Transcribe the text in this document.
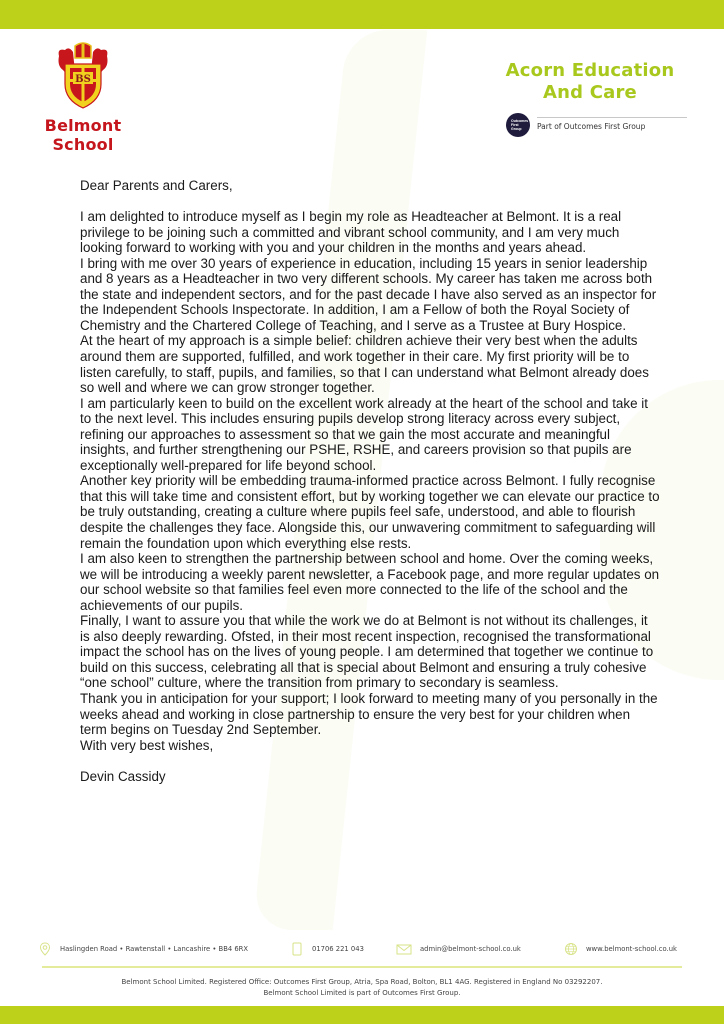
BS
Belmont
School
Acorn Education
And Care
Outcomes First Group	Part of Outcomes First Group

Dear Parents and Carers,

I am delighted to introduce myself as I begin my role as Headteacher at Belmont. It is a real privilege to be joining such a committed and vibrant school community, and I am very much looking forward to working with you and your children in the months and years ahead.

I bring with me over 30 years of experience in education, including 15 years in senior leadership and 8 years as a Headteacher in two very different schools. My career has taken me across both the state and independent sectors, and for the past decade I have also served as an inspector for the Independent Schools Inspectorate. In addition, I am a Fellow of both the Royal Society of Chemistry and the Chartered College of Teaching, and I serve as a Trustee at Bury Hospice.

At the heart of my approach is a simple belief: children achieve their very best when the adults around them are supported, fulfilled, and work together in their care. My first priority will be to listen carefully, to staff, pupils, and families, so that I can understand what Belmont already does so well and where we can grow stronger together.

I am particularly keen to build on the excellent work already at the heart of the school and take it to the next level. This includes ensuring pupils develop strong literacy across every subject, refining our approaches to assessment so that we gain the most accurate and meaningful insights, and further strengthening our PSHE, RSHE, and careers provision so that pupils are exceptionally well-prepared for life beyond school.

Another key priority will be embedding trauma-informed practice across Belmont. I fully recognise that this will take time and consistent effort, but by working together we can elevate our practice to be truly outstanding, creating a culture where pupils feel safe, understood, and able to flourish despite the challenges they face. Alongside this, our unwavering commitment to safeguarding will remain the foundation upon which everything else rests.

I am also keen to strengthen the partnership between school and home. Over the coming weeks, we will be introducing a weekly parent newsletter, a Facebook page, and more regular updates on our school website so that families feel even more connected to the life of the school and the achievements of our pupils.

Finally, I want to assure you that while the work we do at Belmont is not without its challenges, it is also deeply rewarding. Ofsted, in their most recent inspection, recognised the transformational impact the school has on the lives of young people. I am determined that together we continue to build on this success, celebrating all that is special about Belmont and ensuring a truly cohesive “one school” culture, where the transition from primary to secondary is seamless.

Thank you in anticipation for your support; I look forward to meeting many of you personally in the weeks ahead and working in close partnership to ensure the very best for your children when term begins on Tuesday 2nd September.

With very best wishes,

Devin Cassidy

Haslingden Road • Rawtenstall • Lancashire • BB4 6RX	01706 221 043	admin@belmont-school.co.uk	www.belmont-school.co.uk
Belmont School Limited. Registered Office: Outcomes First Group, Atria, Spa Road, Bolton, BL1 4AG. Registered in England No 03292207.
Belmont School Limited is part of Outcomes First Group.
